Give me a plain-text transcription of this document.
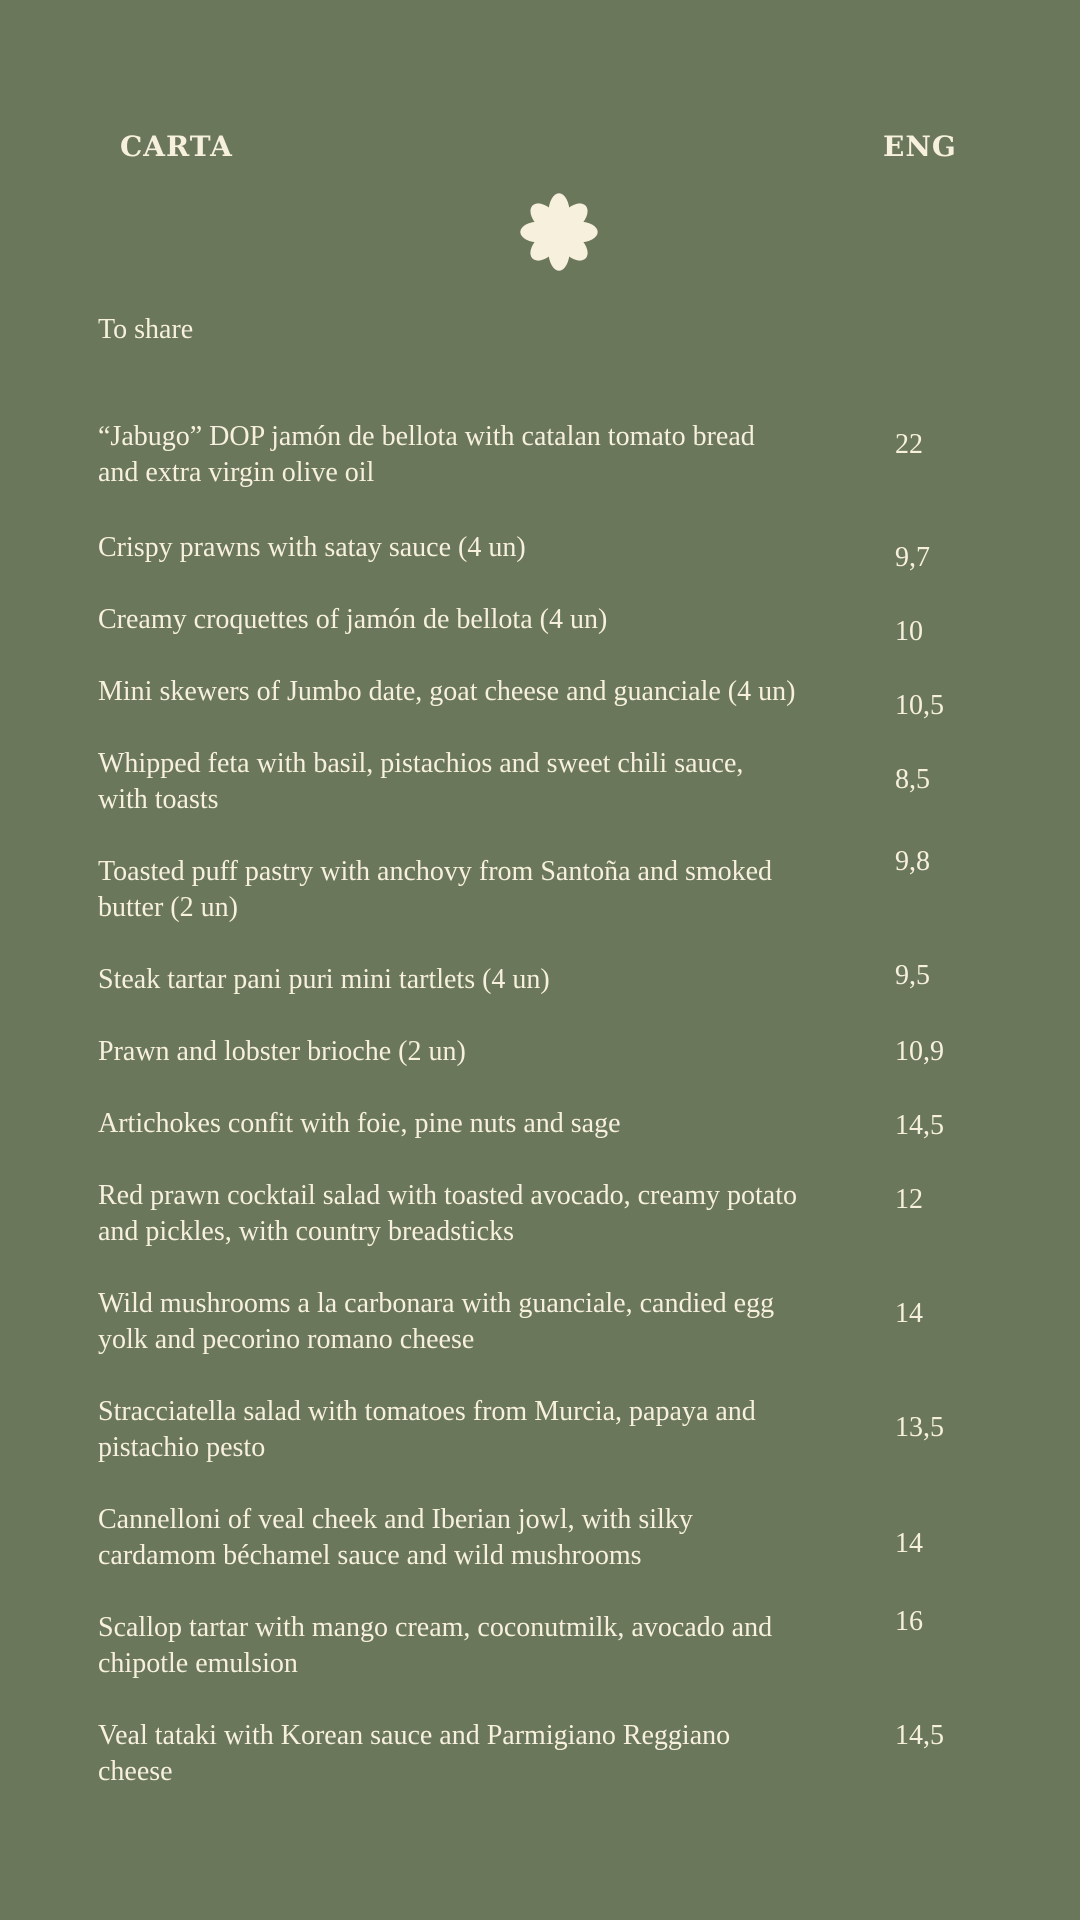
CARTA	ENG
To share
“Jabugo” DOP jamón de bellota with catalan tomato bread
and extra virgin olive oil
22
Crispy prawns with satay sauce (4 un)	9,7
Creamy croquettes of jamón de bellota (4 un)	10
Mini skewers of Jumbo date, goat cheese and guanciale (4 un)	10,5
Whipped feta with basil, pistachios and sweet chili sauce,
with toasts
8,5
Toasted puff pastry with anchovy from Santoña and smoked
butter (2 un)
9,8
Steak tartar pani puri mini tartlets (4 un)	9,5
Prawn and lobster brioche (2 un)	10,9
Artichokes confit with foie, pine nuts and sage	14,5
Red prawn cocktail salad with toasted avocado, creamy potato
and pickles, with country breadsticks
12
Wild mushrooms a la carbonara with guanciale, candied egg
yolk and pecorino romano cheese
14
Stracciatella salad with tomatoes from Murcia, papaya and
pistachio pesto
13,5
Cannelloni of veal cheek and Iberian jowl, with silky
cardamom béchamel sauce and wild mushrooms	14
Scallop tartar with mango cream, coconutmilk, avocado and
chipotle emulsion
16
Veal tataki with Korean sauce and Parmigiano Reggiano
cheese
14,5
